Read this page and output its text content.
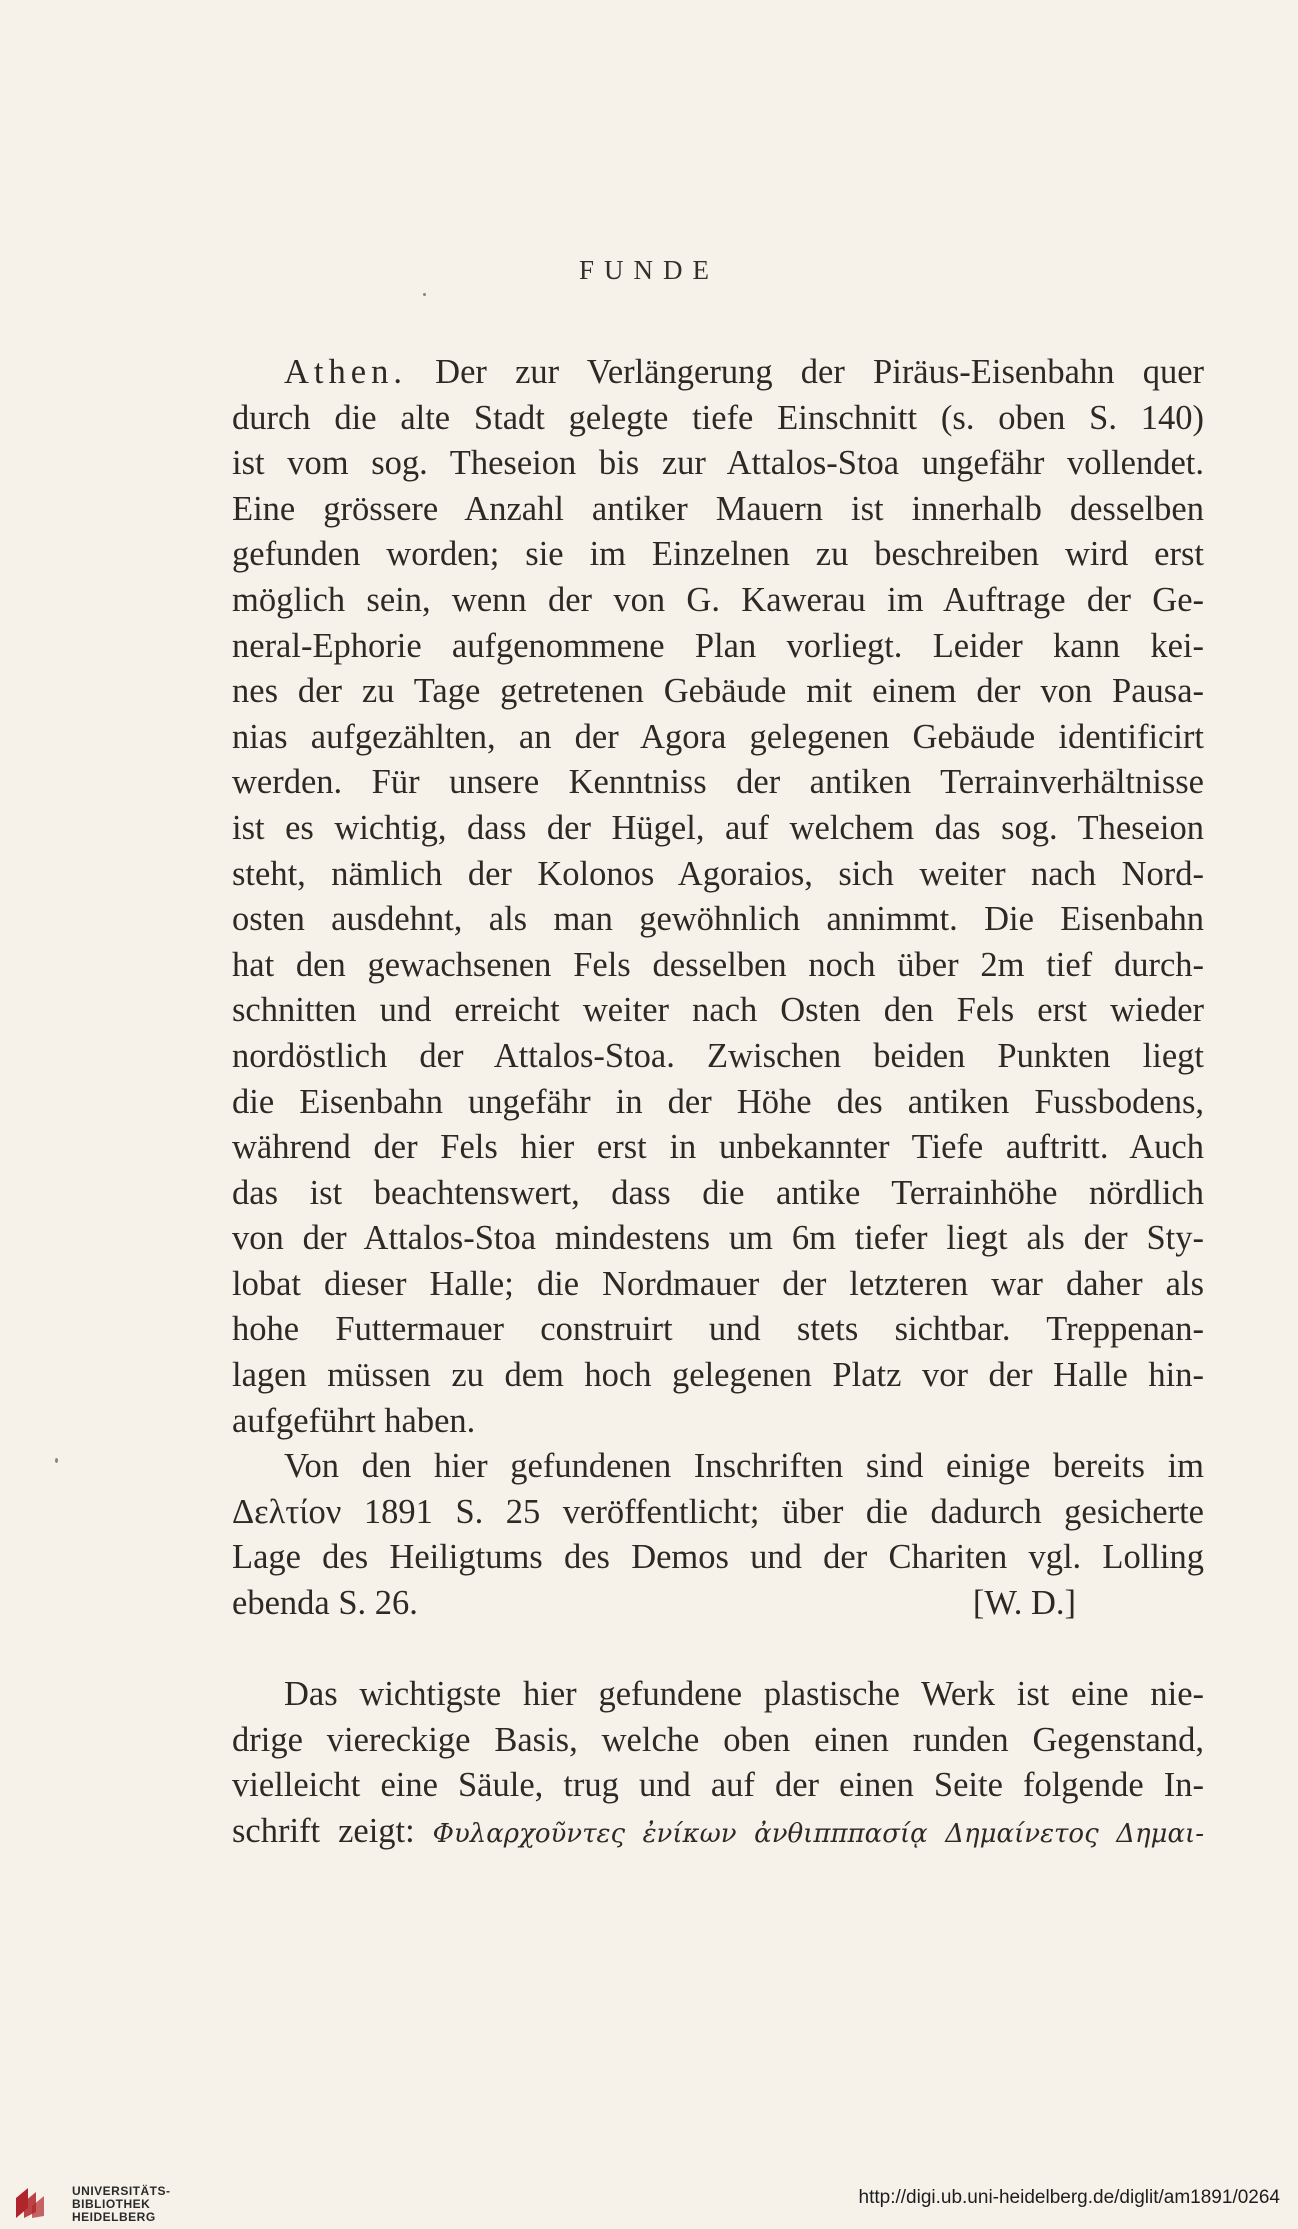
FUNDE
Athen. Der zur Verlängerung der Piräus-Eisenbahn quer
durch die alte Stadt gelegte tiefe Einschnitt (s. oben S. 140)
ist vom sog. Theseion bis zur Attalos-Stoa ungefähr vollendet.
Eine grössere Anzahl antiker Mauern ist innerhalb desselben
gefunden worden; sie im Einzelnen zu beschreiben wird erst
möglich sein, wenn der von G. Kawerau im Auftrage der Ge-
neral-Ephorie aufgenommene Plan vorliegt. Leider kann kei-
nes der zu Tage getretenen Gebäude mit einem der von Pausa-
nias aufgezählten, an der Agora gelegenen Gebäude identificirt
werden. Für unsere Kenntniss der antiken Terrainverhältnisse
ist es wichtig, dass der Hügel, auf welchem das sog. Theseion
steht, nämlich der Kolonos Agoraios, sich weiter nach Nord-
osten ausdehnt, als man gewöhnlich annimmt. Die Eisenbahn
hat den gewachsenen Fels desselben noch über 2m tief durch-
schnitten und erreicht weiter nach Osten den Fels erst wieder
nordöstlich der Attalos-Stoa. Zwischen beiden Punkten liegt
die Eisenbahn ungefähr in der Höhe des antiken Fussbodens,
während der Fels hier erst in unbekannter Tiefe auftritt. Auch
das ist beachtenswert, dass die antike Terrainhöhe nördlich
von der Attalos-Stoa mindestens um 6m tiefer liegt als der Sty-
lobat dieser Halle; die Nordmauer der letzteren war daher als
hohe Futtermauer construirt und stets sichtbar. Treppenan-
lagen müssen zu dem hoch gelegenen Platz vor der Halle hin-
aufgeführt haben.
Von den hier gefundenen Inschriften sind einige bereits im
Δελτίον 1891 S. 25 veröffentlicht; über die dadurch gesicherte
Lage des Heiligtums des Demos und der Chariten vgl. Lolling
ebenda S. 26.	[W. D.]
Das wichtigste hier gefundene plastische Werk ist eine nie-
drige viereckige Basis, welche oben einen runden Gegenstand,
vielleicht eine Säule, trug und auf der einen Seite folgende In-
schrift zeigt: Φυλαρχοῦντες ἐνίκων ἀνθιπππασίᾳ Δημαίνετος Δημαι-
UNIVERSITÄTS-
BIBLIOTHEK
HEIDELBERG
http://digi.ub.uni-heidelberg.de/diglit/am1891/0264
